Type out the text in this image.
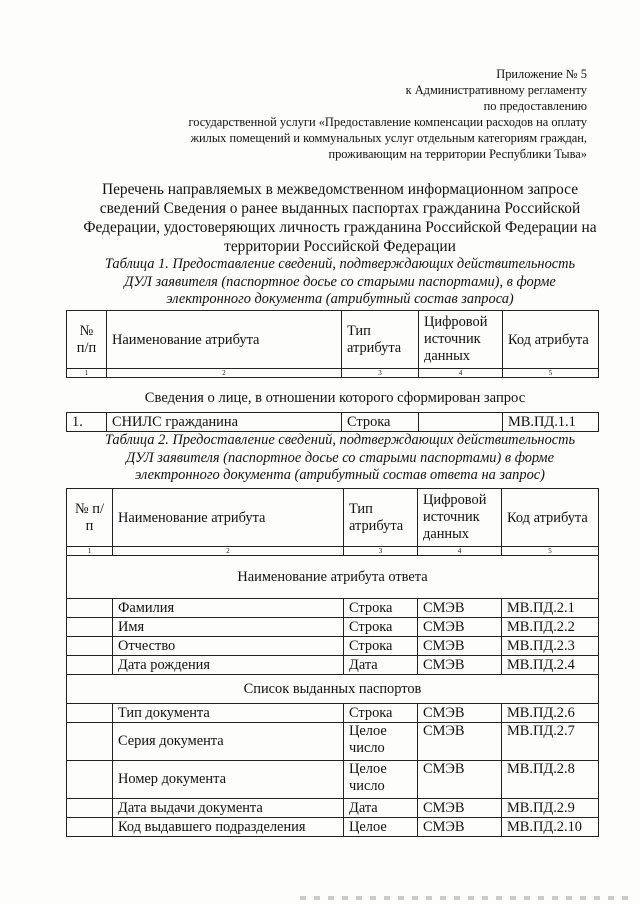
Приложение № 5
к Административному регламенту
по предоставлению
государственной услуги «Предоставление компенсации расходов на оплату
жилых помещений и коммунальных услуг отдельным категориям граждан,
проживающим на территории Республики Тыва»
Перечень направляемых в межведомственном информационном запросе
сведений Сведения о ранее выданных паспортах гражданина Российской
Федерации, удостоверяющих личность гражданина Российской Федерации на
территории Российской Федерации
Таблица 1. Предоставление сведений, подтверждающих действительность
ДУЛ заявителя (паспортное досье со старыми паспортами), в форме
электронного документа (атрибутный состав запроса)
№ п/п	Наименование атрибута	Тип атрибута	Цифровой источник данных	Код атрибута
1	2	3	4	5
Сведения о лице, в отношении которого сформирован запрос
1.	СНИЛС гражданина	Строка		МВ.ПД.1.1
Таблица 2. Предоставление сведений, подтверждающих действительность
ДУЛ заявителя (паспортное досье со старыми паспортами) в форме
электронного документа (атрибутный состав ответа на запрос)
№ п/п	Наименование атрибута	Тип атрибута	Цифровой источник данных	Код атрибута
1	2	3	4	5
Наименование атрибута ответа				
	Фамилия	Строка	СМЭВ	МВ.ПД.2.1
	Имя	Строка	СМЭВ	МВ.ПД.2.2
	Отчество	Строка	СМЭВ	МВ.ПД.2.3
	Дата рождения	Дата	СМЭВ	МВ.ПД.2.4
Список выданных паспортов				
	Тип документа	Строка	СМЭВ	МВ.ПД.2.6
	Серия документа	Целое число	СМЭВ	МВ.ПД.2.7
	Номер документа	Целое число	СМЭВ	МВ.ПД.2.8
	Дата выдачи документа	Дата	СМЭВ	МВ.ПД.2.9
	Код выдавшего подразделения	Целое	СМЭВ	МВ.ПД.2.10
